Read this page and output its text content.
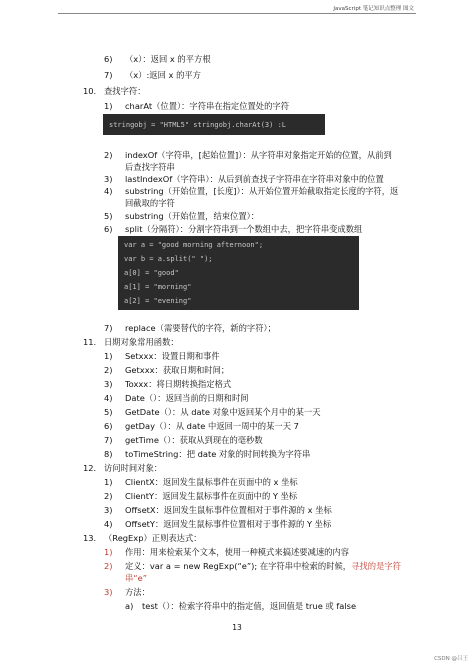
JavaScript 笔记知识点整理 图文
6) （x）：返回 x 的平方根
7) （x）:返回 x 的平方
10. 查找字符：
1) charAt（位置）：字符串在指定位置处的字符
stringobj = "HTML5" stringobj.charAt(3) :L
2) indexOf（字符串，[起始位置]）：从字符串对象指定开始的位置，从前到
后查找字符串
3) lastIndexOf（字符串）：从后到前查找子字符串在字符串对象中的位置
4) substring（开始位置，[长度]）：从开始位置开始截取指定长度的字符，返
回截取的字符
5) substring（开始位置，结束位置）：
6) split（分隔符）：分割字符串到一个数组中去，把字符串变成数组
var a = "good morning afternoon";
var b = a.split(" ");
a[0] = "good"
a[1] = "morning"
a[2] = "evening"
7) replace（需要替代的字符，新的字符）；
11. 日期对象常用函数：
1) Setxxx：设置日期和事件
2) Getxxx：获取日期和时间；
3) Toxxx：将日期转换指定格式
4) Date（）：返回当前的日期和时间
5) GetDate（）：从 date 对象中返回某个月中的某一天
6) getDay（）：从 date 中返回一周中的某一天 7
7) getTime（）：获取从到现在的毫秒数
8) toTimeString：把 date 对象的时间转换为字符串
12. 访问时间对象：
1) ClientX：返回发生鼠标事件在页面中的 x 坐标
2) ClientY：返回发生鼠标事件在页面中的 Y 坐标
3) OffsetX：返回发生鼠标事件位置相对于事件源的 x 坐标
4) OffsetY：返回发生鼠标事件位置相对于事件源的 Y 坐标
13. （RegExp）正则表达式：
1) 作用：用来检索某个文本，使用一种模式来搞述要减速的内容
2) 定义：var a = new RegExp(“e”); 在字符串中检索的时候，寻找的是字符
串“e”
3) 方法：
a) test（）：检索字符串中的指定值，返回值是 true 或 false
13
CSDN @吕王
